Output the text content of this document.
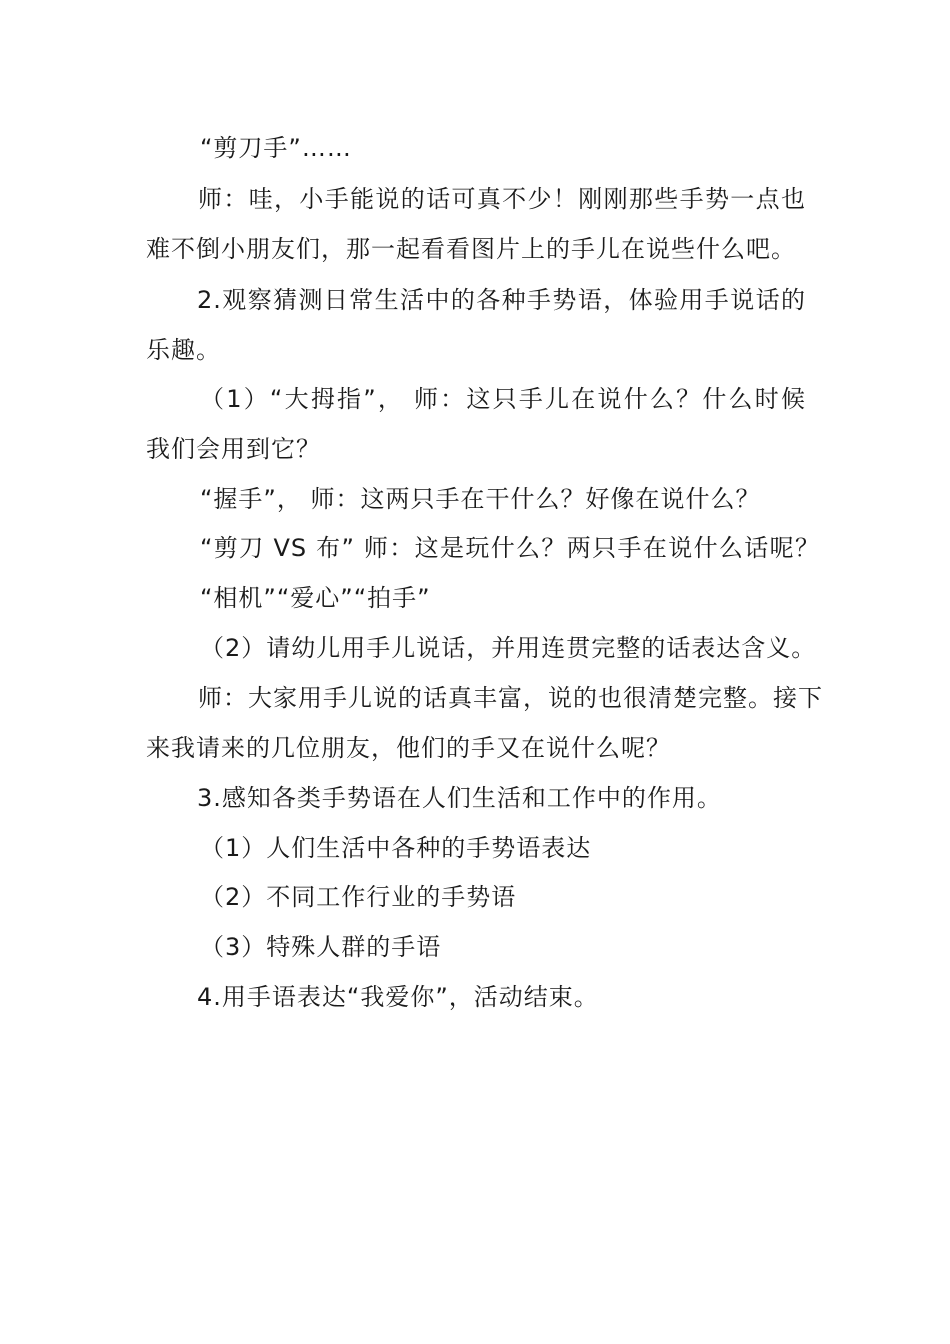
“剪刀手”……
师：哇，小手能说的话可真不少！刚刚那些手势一点也
难不倒小朋友们，那一起看看图片上的手儿在说些什么吧。
2.观察猜测日常生活中的各种手势语，体验用手说话的
乐趣。
（1）“大拇指”， 师：这只手儿在说什么？什么时候
我们会用到它？
“握手”， 师：这两只手在干什么？好像在说什么？
“剪刀 VS 布” 师：这是玩什么？两只手在说什么话呢？
“相机”“爱心”“拍手”
（2）请幼儿用手儿说话，并用连贯完整的话表达含义。
师：大家用手儿说的话真丰富，说的也很清楚完整。接下
来我请来的几位朋友，他们的手又在说什么呢？
3.感知各类手势语在人们生活和工作中的作用。
（1）人们生活中各种的手势语表达
（2）不同工作行业的手势语
（3）特殊人群的手语
4.用手语表达“我爱你”，活动结束。
